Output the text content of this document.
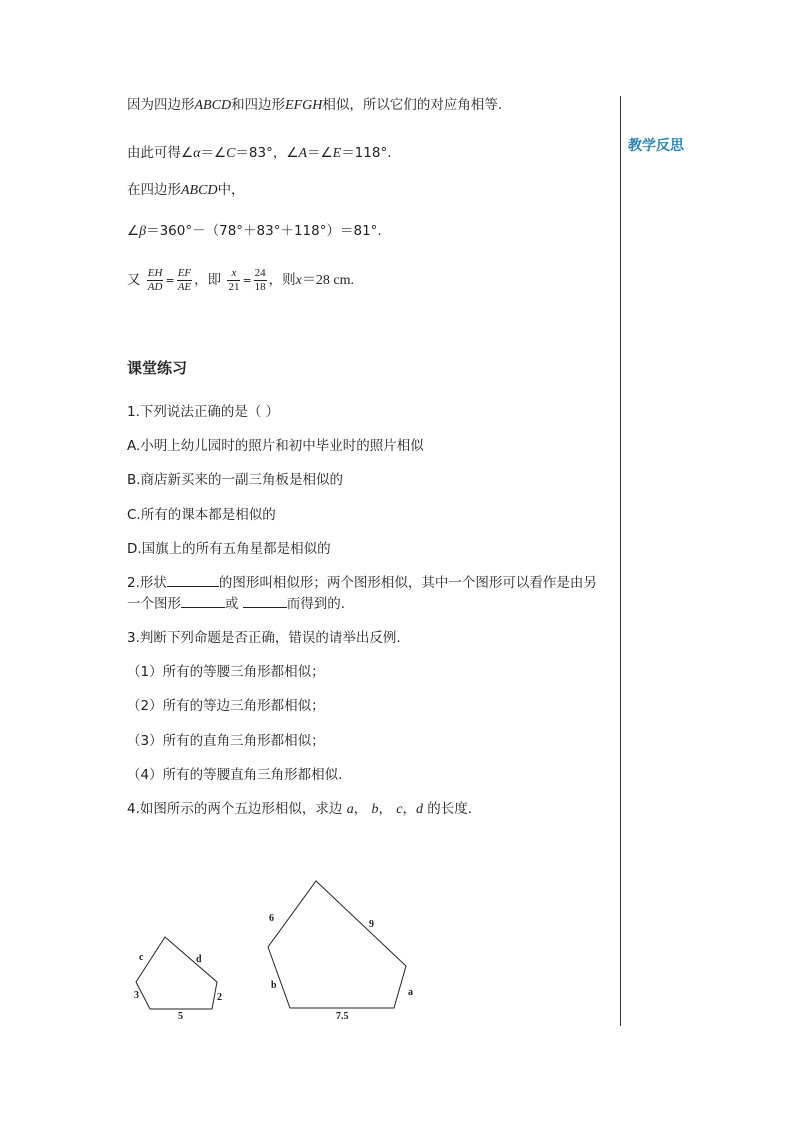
因为四边形ABCD和四边形EFGH相似，所以它们的对应角相等.
由此可得∠α＝∠C＝83°，∠A＝∠E＝118°.
在四边形ABCD中，
∠β＝360°－（78°＋83°＋118°）＝81°.
又 $\frac{EH}{AD} = \frac{EF}{AE}$ ，即 $\frac{x}{21} = \frac{24}{18}$ ，则x＝28 cm.
教学反思
课堂练习
1.下列说法正确的是（ ）
A.小明上幼儿园时的照片和初中毕业时的照片相似
B.商店新买来的一副三角板是相似的
C.所有的课本都是相似的
D.国旗上的所有五角星都是相似的
2.形状	的图形叫相似形；两个图形相似，其中一个图形可以看作是由另
一个图形	或	而得到的.
3.判断下列命题是否正确，错误的请举出反例.
（1）所有的等腰三角形都相似；
（2）所有的等边三角形都相似；
（3）所有的直角三角形都相似；
（4）所有的等腰直角三角形都相似.
4.如图所示的两个五边形相似，求边 a， b， c，d 的长度.
c	d
3	2
5
6
9
b
a
7.5
